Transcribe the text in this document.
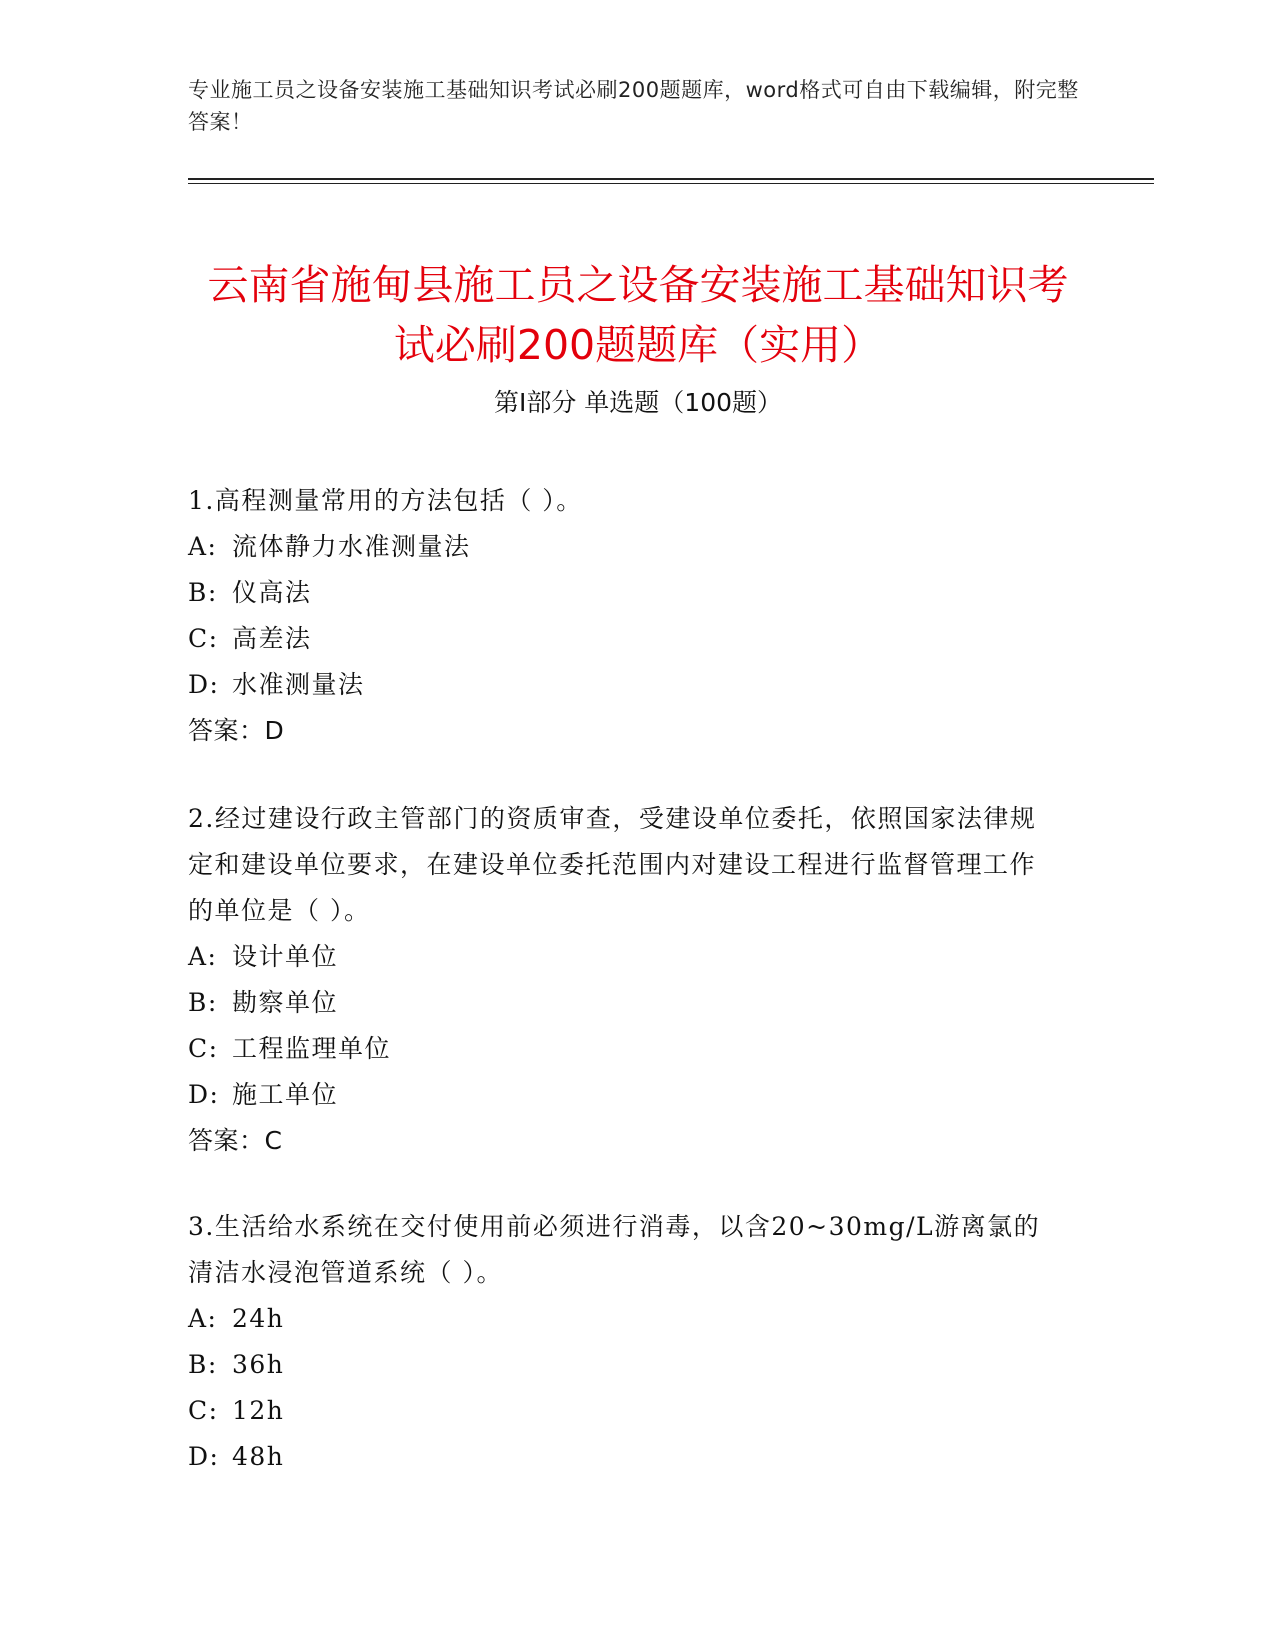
专业施工员之设备安装施工基础知识考试必刷200题题库，word格式可自由下载编辑，附完整答案！
云南省施甸县施工员之设备安装施工基础知识考试必刷200题题库（实用）
第Ⅰ部分 单选题（100题）
1.高程测量常用的方法包括（ ）。
A: 流体静力水准测量法
B: 仪高法
C: 高差法
D: 水准测量法
答案：D
2.经过建设行政主管部门的资质审查，受建设单位委托，依照国家法律规定和建设单位要求，在建设单位委托范围内对建设工程进行监督管理工作的单位是（ ）。
A: 设计单位
B: 勘察单位
C: 工程监理单位
D: 施工单位
答案：C
3.生活给水系统在交付使用前必须进行消毒，以含20~30mg/L游离氯的清洁水浸泡管道系统（ ）。
A: 24h
B: 36h
C: 12h
D: 48h
